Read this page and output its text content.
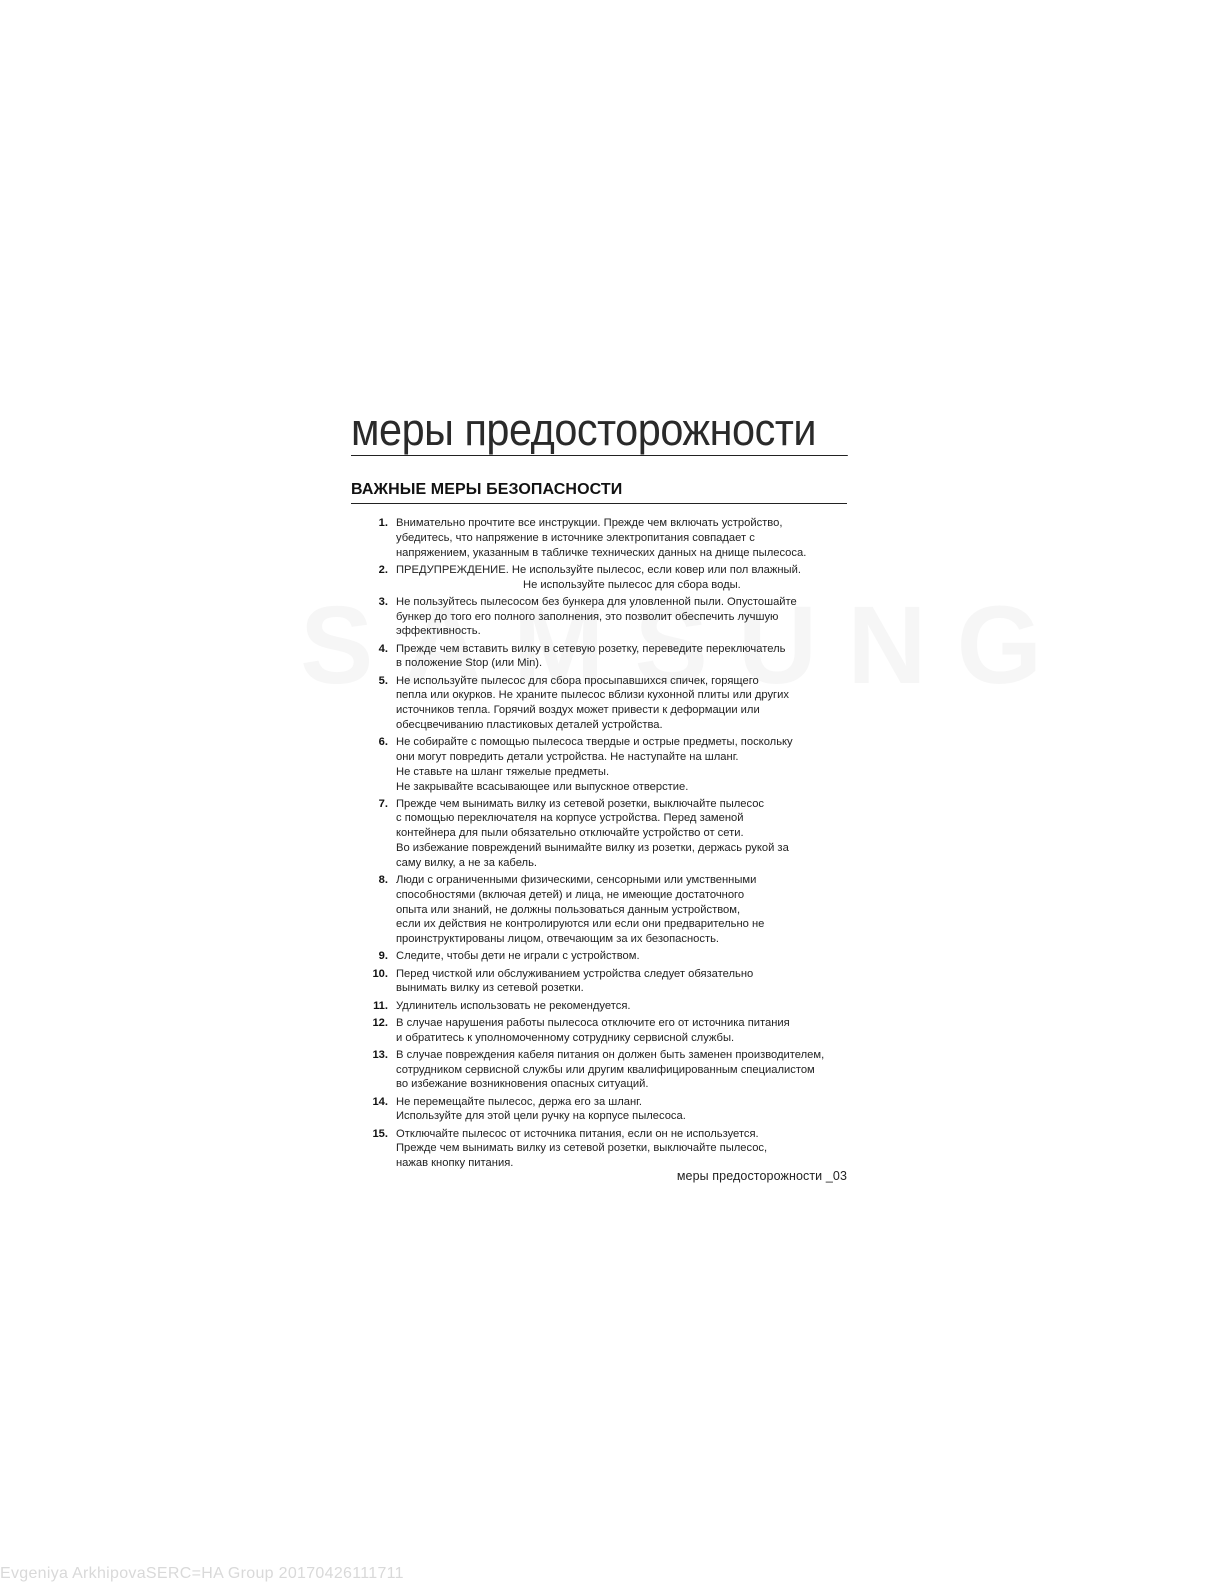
меры предосторожности
ВАЖНЫЕ МЕРЫ БЕЗОПАСНОСТИ
1. Внимательно прочтите все инструкции. Прежде чем включать устройство,
убедитесь, что напряжение в источнике электропитания совпадает с
напряжением, указанным в табличке технических данных на днище пылесоса.
2. ПРЕДУПРЕЖДЕНИЕ. Не используйте пылесос, если ковер или пол влажный.
Не используйте пылесос для сбора воды.
3. Не пользуйтесь пылесосом без бункера для уловленной пыли. Опустошайте
бункер до того его полного заполнения, это позволит обеспечить лучшую
эффективность.
4. Прежде чем вставить вилку в сетевую розетку, переведите переключатель
в положение Stop (или Min).
5. Не используйте пылесос для сбора просыпавшихся спичек, горящего
пепла или окурков. Не храните пылесос вблизи кухонной плиты или других
источников тепла. Горячий воздух может привести к деформации или
обесцвечиванию пластиковых деталей устройства.
6. Не собирайте с помощью пылесоса твердые и острые предметы, поскольку
они могут повредить детали устройства. Не наступайте на шланг.
Не ставьте на шланг тяжелые предметы.
Не закрывайте всасывающее или выпускное отверстие.
7. Прежде чем вынимать вилку из сетевой розетки, выключайте пылесос
с помощью переключателя на корпусе устройства. Перед заменой
контейнера для пыли обязательно отключайте устройство от сети.
Во избежание повреждений вынимайте вилку из розетки, держась рукой за
саму вилку, а не за кабель.
8. Люди с ограниченными физическими, сенсорными или умственными
способностями (включая детей) и лица, не имеющие достаточного
опыта или знаний, не должны пользоваться данным устройством,
если их действия не контролируются или если они предварительно не
проинструктированы лицом, отвечающим за их безопасность.
9. Следите, чтобы дети не играли с устройством.
10. Перед чисткой или обслуживанием устройства следует обязательно
вынимать вилку из сетевой розетки.
11. Удлинитель использовать не рекомендуется.
12. В случае нарушения работы пылесоса отключите его от источника питания
и обратитесь к уполномоченному сотруднику сервисной службы.
13. В случае повреждения кабеля питания он должен быть заменен производителем,
сотрудником сервисной службы или другим квалифицированным специалистом
во избежание возникновения опасных ситуаций.
14. Не перемещайте пылесос, держа его за шланг.
Используйте для этой цели ручку на корпусе пылесоса.
15. Отключайте пылесос от источника питания, если он не используется.
Прежде чем вынимать вилку из сетевой розетки, выключайте пылесос,
нажав кнопку питания.
меры предосторожности _03
Evgeniya ArkhipovaSERC=HA Group 20170426111711
